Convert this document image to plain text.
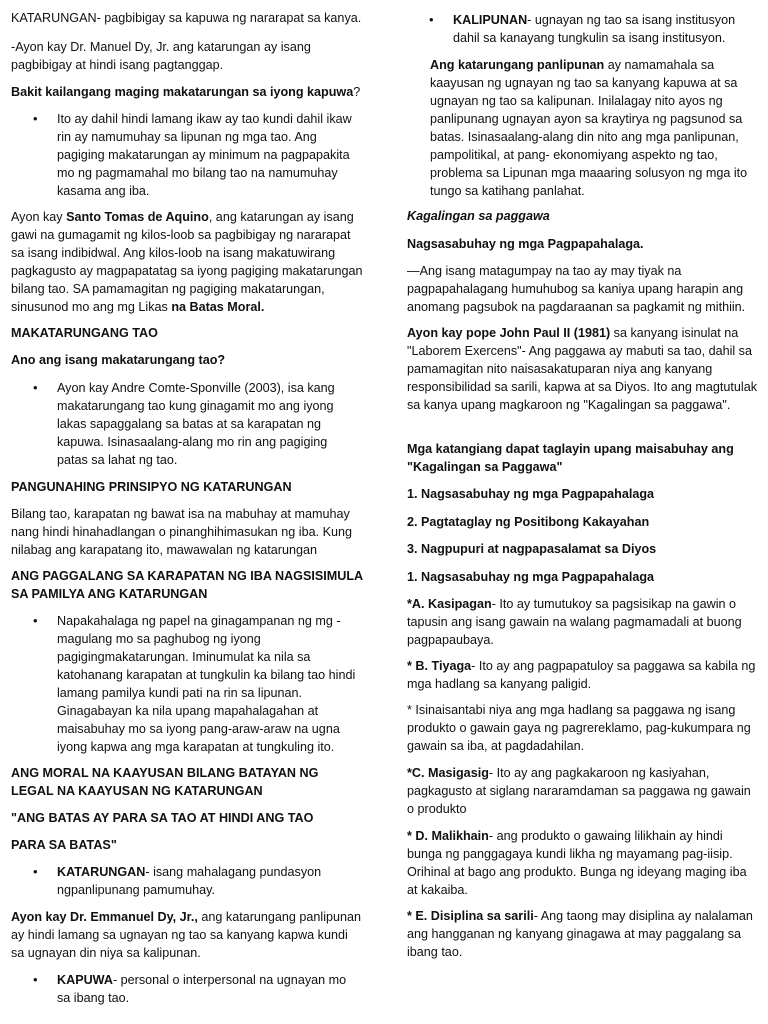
KATARUNGAN- pagbibigay sa kapuwa ng nararapat sa kanya.

-Ayon kay Dr. Manuel Dy, Jr. ang katarungan ay isang pagbibigay at hindi isang pagtanggap.

Bakit kailangang maging makatarungan sa iyong kapuwa?

• Ito ay dahil hindi lamang ikaw ay tao kundi dahil ikaw rin ay namumuhay sa lipunan ng mga tao. Ang pagiging makatarungan ay minimum na pagpapakita mo ng pagmamahal mo bilang tao na namumuhay kasama ang iba.

Ayon kay Santo Tomas de Aquino, ang katarungan ay isang gawi na gumagamit ng kilos-loob sa pagbibigay ng nararapat sa isang indibidwal. Ang kilos-loob na isang makatuwirang pagkagusto ay magpapatatag sa iyong pagiging makatarungan bilang tao. SA pamamagitan ng pagiging makatarungan, sinusunod mo ang mg Likas na Batas Moral.

MAKATARUNGANG TAO

Ano ang isang makatarungang tao?

• Ayon kay Andre Comte-Sponville (2003), isa kang makatarungang tao kung ginagamit mo ang iyong lakas sapaggalang sa batas at sa karapatan ng kapuwa. Isinasaalang-alang mo rin ang pagiging patas sa lahat ng tao.

PANGUNAHING PRINSIPYO NG KATARUNGAN

Bilang tao, karapatan ng bawat isa na mabuhay at mamuhay nang hindi hinahadlangan o pinanghihimasukan ng iba. Kung nilabag ang karapatang ito, mawawalan ng katarungan

ANG PAGGALANG SA KARAPATAN NG IBA NAGSISIMULA SA PAMILYA ANG KATARUNGAN

• Napakahalaga ng papel na ginagampanan ng mg -magulang mo sa paghubog ng iyong pagigingmakatarungan. Iminumulat ka nila sa katohanang karapatan at tungkulin ka bilang tao hindi lamang pamilya kundi pati na rin sa lipunan. Ginagabayan ka nila upang mapahalagahan at maisabuhay mo sa iyong pang-araw-araw na ugna iyong kapwa ang mga karapatan at tungkuling ito.

ANG MORAL NA KAAYUSAN BILANG BATAYAN NG LEGAL NA KAAYUSAN NG KATARUNGAN

"ANG BATAS AY PARA SA TAO AT HINDI ANG TAO

PARA SA BATAS"

• KATARUNGAN- isang mahalagang pundasyon ngpanlipunang pamumuhay.

Ayon kay Dr. Emmanuel Dy, Jr., ang katarungang panlipunan ay hindi lamang sa ugnayan ng tao sa kanyang kapwa kundi sa ugnayan din niya sa kalipunan.

• KAPUWA- personal o interpersonal na ugnayan mo sa ibang tao.
• KALIPUNAN- ugnayan ng tao sa isang institusyon dahil sa kanayang tungkulin sa isang institusyon.

Ang katarungang panlipunan ay namamahala sa kaayusan ng ugnayan ng tao sa kanyang kapuwa at sa ugnayan ng tao sa kalipunan. Inilalagay nito ayos ng panlipunang ugnayan ayon sa kraytirya ng pagsunod sa batas. Isinasaalang-alang din nito ang mga panlipunan, pampolitikal, at pang- ekonomiyang aspekto ng tao, problema sa Lipunan mga maaaring solusyon ng mga ito tungo sa katihang panlahat.

Kagalingan sa paggawa

Nagsasabuhay ng mga Pagpapahalaga.

—Ang isang matagumpay na tao ay may tiyak na pagpapahalagang humuhubog sa kaniya upang harapin ang anomang pagsubok na pagdaraanan sa pagkamit ng mithiin.

Ayon kay pope John Paul II (1981) sa kanyang isinulat na "Laborem Exercens"- Ang paggawa ay mabuti sa tao, dahil sa pamamagitan nito naisasakatuparan niya ang kanyang responsibilidad sa sarili, kapwa at sa Diyos. Ito ang magtutulak sa kanya upang magkaroon ng "Kagalingan sa paggawa".

Mga katangiang dapat taglayin upang maisabuhay ang "Kagalingan sa Paggawa"

1. Nagsasabuhay ng mga Pagpapahalaga

2. Pagtataglay ng Positibong Kakayahan

3. Nagpupuri at nagpapasalamat sa Diyos

1. Nagsasabuhay ng mga Pagpapahalaga

*A. Kasipagan- Ito ay tumutukoy sa pagsisikap na gawin o tapusin ang isang gawain na walang pagmamadali at buong pagpapaubaya.

* B. Tiyaga- Ito ay ang pagpapatuloy sa paggawa sa kabila ng mga hadlang sa kanyang paligid.

* Isinaisantabi niya ang mga hadlang sa paggawa ng isang produkto o gawain gaya ng pagrereklamo, pag-kukumpara ng gawain sa iba, at pagdadahilan.

*C. Masigasig- Ito ay ang pagkakaroon ng kasiyahan, pagkagusto at siglang nararamdaman sa paggawa ng gawain o produkto

* D. Malikhain- ang produkto o gawaing lilikhain ay hindi bunga ng panggagaya kundi likha ng mayamang pag-iisip. Orihinal at bago ang produkto. Bunga ng ideyang maging iba at kakaiba.

* E. Disiplina sa sarili- Ang taong may disiplina ay nalalaman ang hangganan ng kanyang ginagawa at may paggalang sa ibang tao.
